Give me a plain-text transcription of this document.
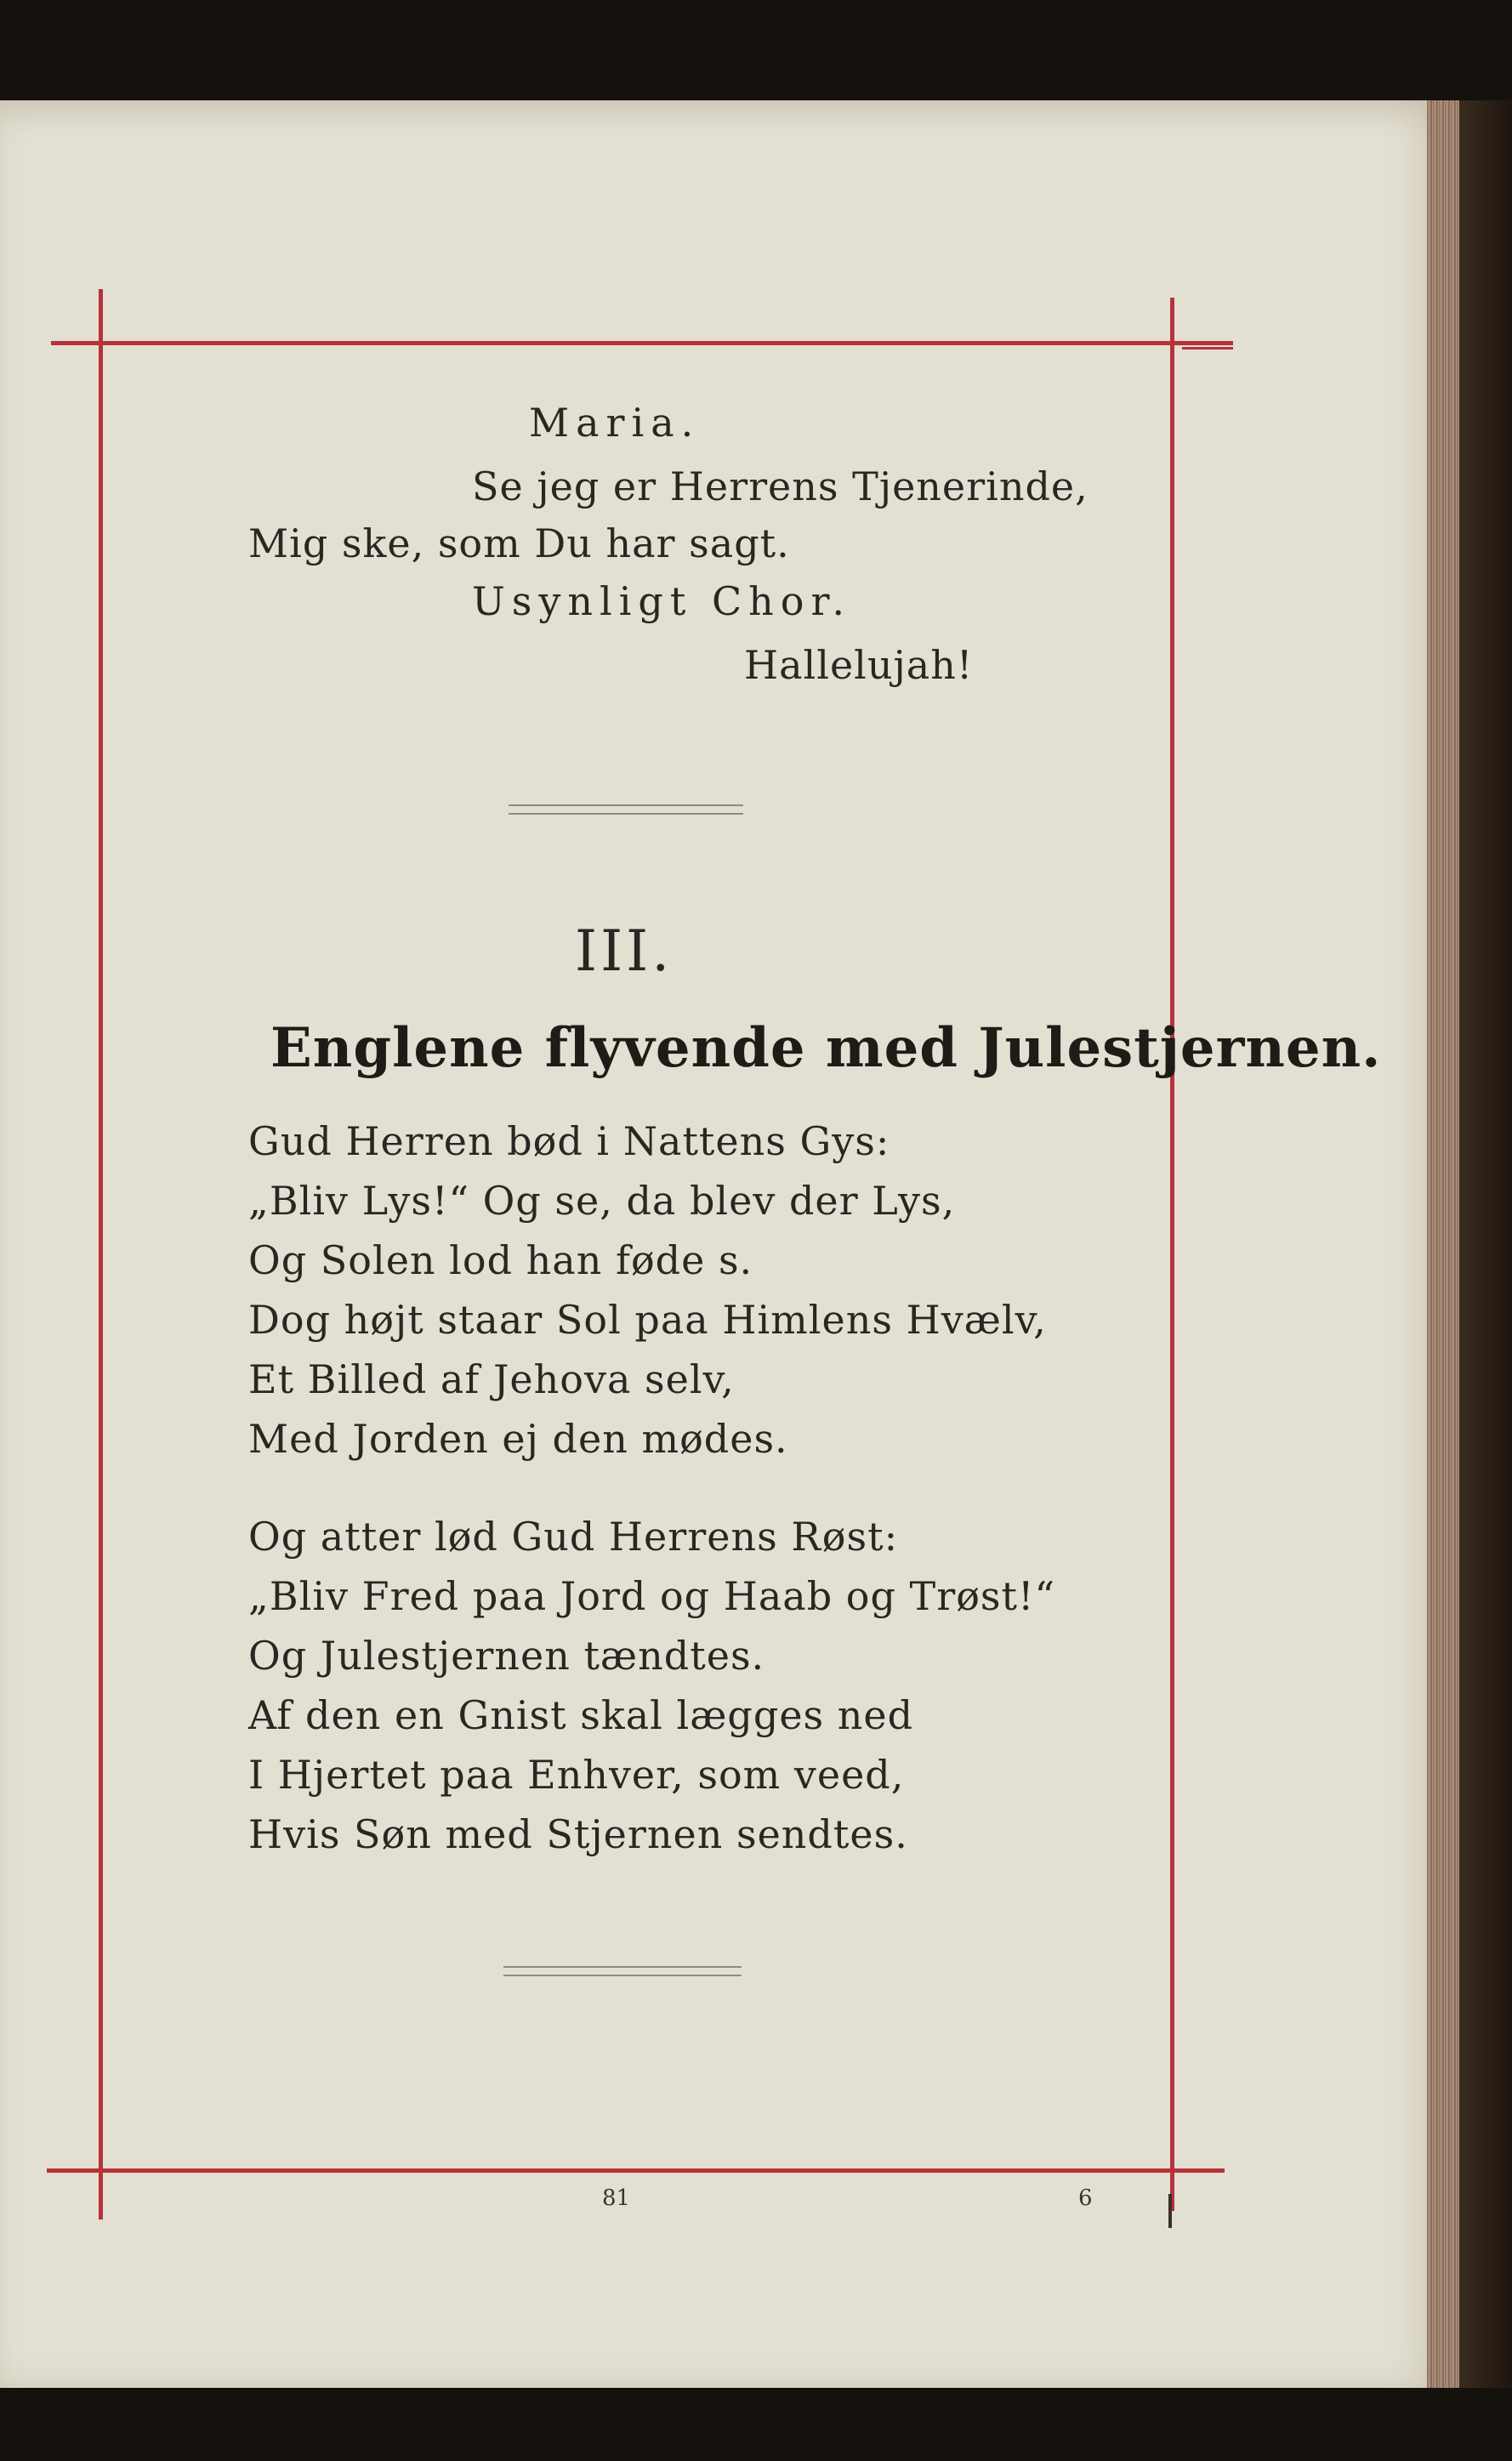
Maria.
Se jeg er Herrens Tjenerinde,
Mig ske, som Du har sagt.
Usynligt Chor.
Hallelujah!
III.
Englene flyvende med Julestjernen.
Gud Herren bød i Nattens Gys:
„Bliv Lys!“ Og se, da blev der Lys,
Og Solen lod han føde s.
Dog højt staar Sol paa Himlens Hvælv,
Et Billed af Jehova selv,
Med Jorden ej den mødes.
Og atter lød Gud Herrens Røst:
„Bliv Fred paa Jord og Haab og Trøst!“
Og Julestjernen tændtes.
Af den en Gnist skal lægges ned
I Hjertet paa Enhver, som veed,
Hvis Søn med Stjernen sendtes.
81	6
